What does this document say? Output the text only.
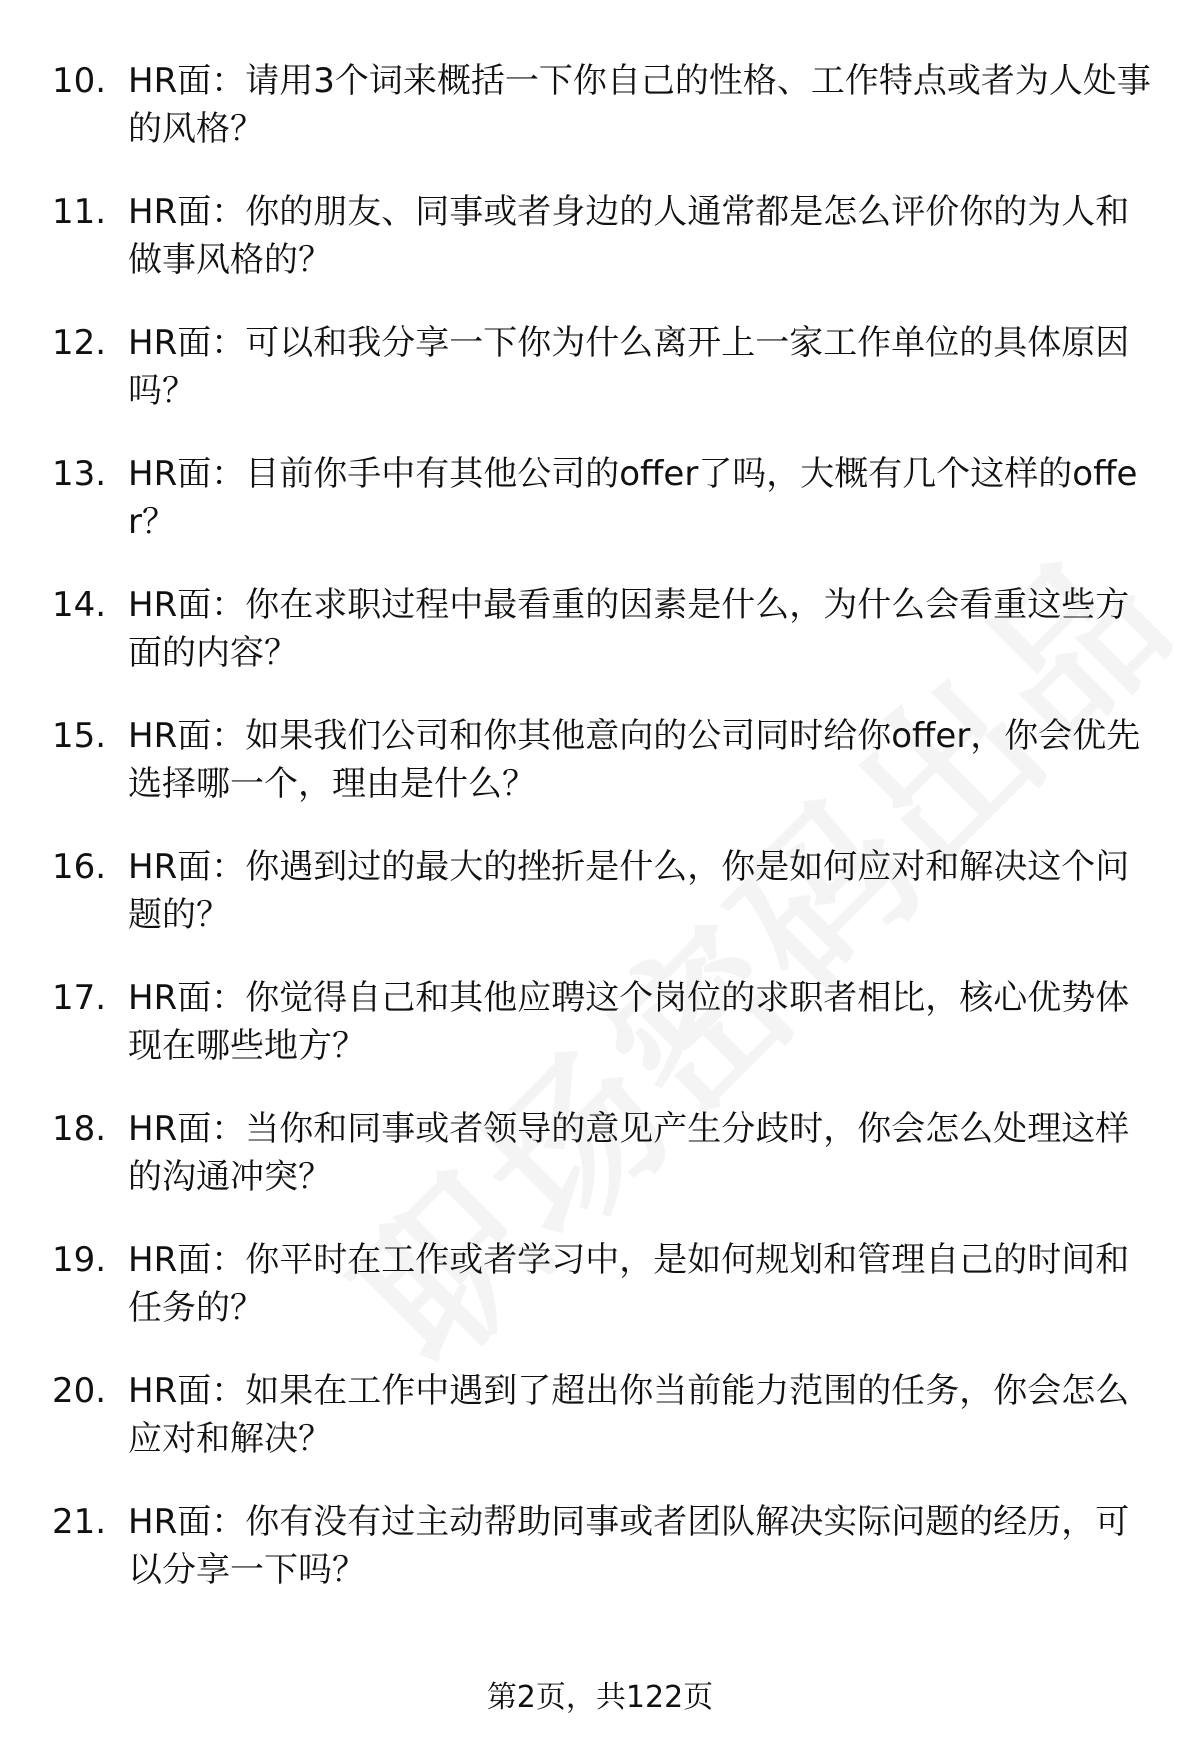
10. HR面：请用3个词来概括一下你自己的性格、工作特点或者为人处事的风格？
11. HR面：你的朋友、同事或者身边的人通常都是怎么评价你的为人和做事风格的？
12. HR面：可以和我分享一下你为什么离开上一家工作单位的具体原因吗？
13. HR面：目前你手中有其他公司的offer了吗，大概有几个这样的offer？
14. HR面：你在求职过程中最看重的因素是什么，为什么会看重这些方面的内容？
15. HR面：如果我们公司和你其他意向的公司同时给你offer，你会优先选择哪一个，理由是什么？
16. HR面：你遇到过的最大的挫折是什么，你是如何应对和解决这个问题的？
17. HR面：你觉得自己和其他应聘这个岗位的求职者相比，核心优势体现在哪些地方？
18. HR面：当你和同事或者领导的意见产生分歧时，你会怎么处理这样的沟通冲突？
19. HR面：你平时在工作或者学习中，是如何规划和管理自己的时间和任务的？
20. HR面：如果在工作中遇到了超出你当前能力范围的任务，你会怎么应对和解决？
21. HR面：你有没有过主动帮助同事或者团队解决实际问题的经历，可以分享一下吗？
第2页，共122页
